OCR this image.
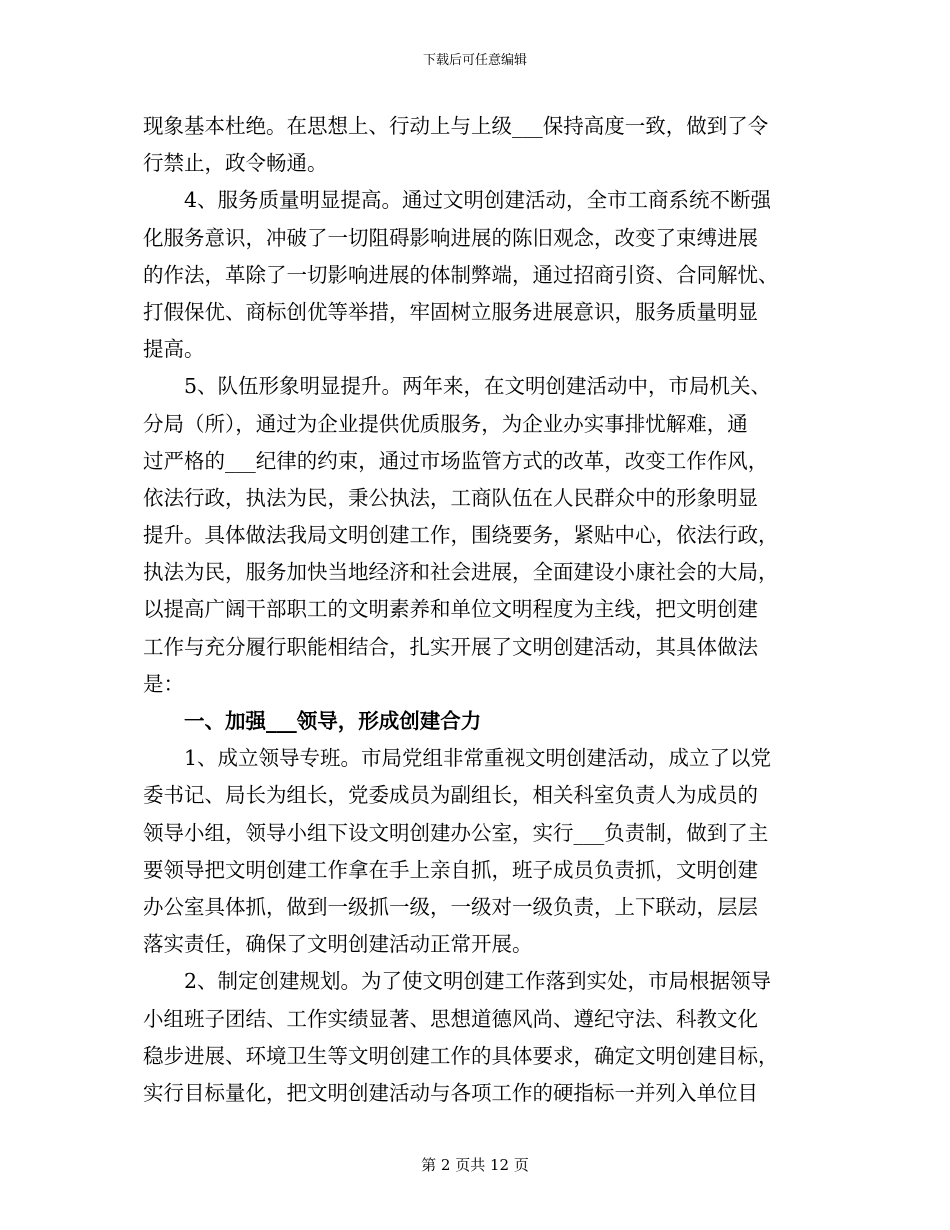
下载后可任意编辑
现象基本杜绝。在思想上、行动上与上级___保持高度一致，做到了令
行禁止，政令畅通。
4、服务质量明显提高。通过文明创建活动，全市工商系统不断强
化服务意识，冲破了一切阻碍影响进展的陈旧观念，改变了束缚进展
的作法，革除了一切影响进展的体制弊端，通过招商引资、合同解忧、
打假保优、商标创优等举措，牢固树立服务进展意识，服务质量明显
提高。
5、队伍形象明显提升。两年来，在文明创建活动中，市局机关、
分局（所），通过为企业提供优质服务，为企业办实事排忧解难，通
过严格的___纪律的约束，通过市场监管方式的改革，改变工作作风，
依法行政，执法为民，秉公执法，工商队伍在人民群众中的形象明显
提升。具体做法我局文明创建工作，围绕要务，紧贴中心，依法行政，
执法为民，服务加快当地经济和社会进展，全面建设小康社会的大局，
以提高广阔干部职工的文明素养和单位文明程度为主线，把文明创建
工作与充分履行职能相结合，扎实开展了文明创建活动，其具体做法
是：
一、加强___领导，形成创建合力
1、成立领导专班。市局党组非常重视文明创建活动，成立了以党
委书记、局长为组长，党委成员为副组长，相关科室负责人为成员的
领导小组，领导小组下设文明创建办公室，实行___负责制，做到了主
要领导把文明创建工作拿在手上亲自抓，班子成员负责抓，文明创建
办公室具体抓，做到一级抓一级，一级对一级负责，上下联动，层层
落实责任，确保了文明创建活动正常开展。
2、制定创建规划。为了使文明创建工作落到实处，市局根据领导
小组班子团结、工作实绩显著、思想道德风尚、遵纪守法、科教文化
稳步进展、环境卫生等文明创建工作的具体要求，确定文明创建目标，
实行目标量化，把文明创建活动与各项工作的硬指标一并列入单位目
第 2 页共 12 页
